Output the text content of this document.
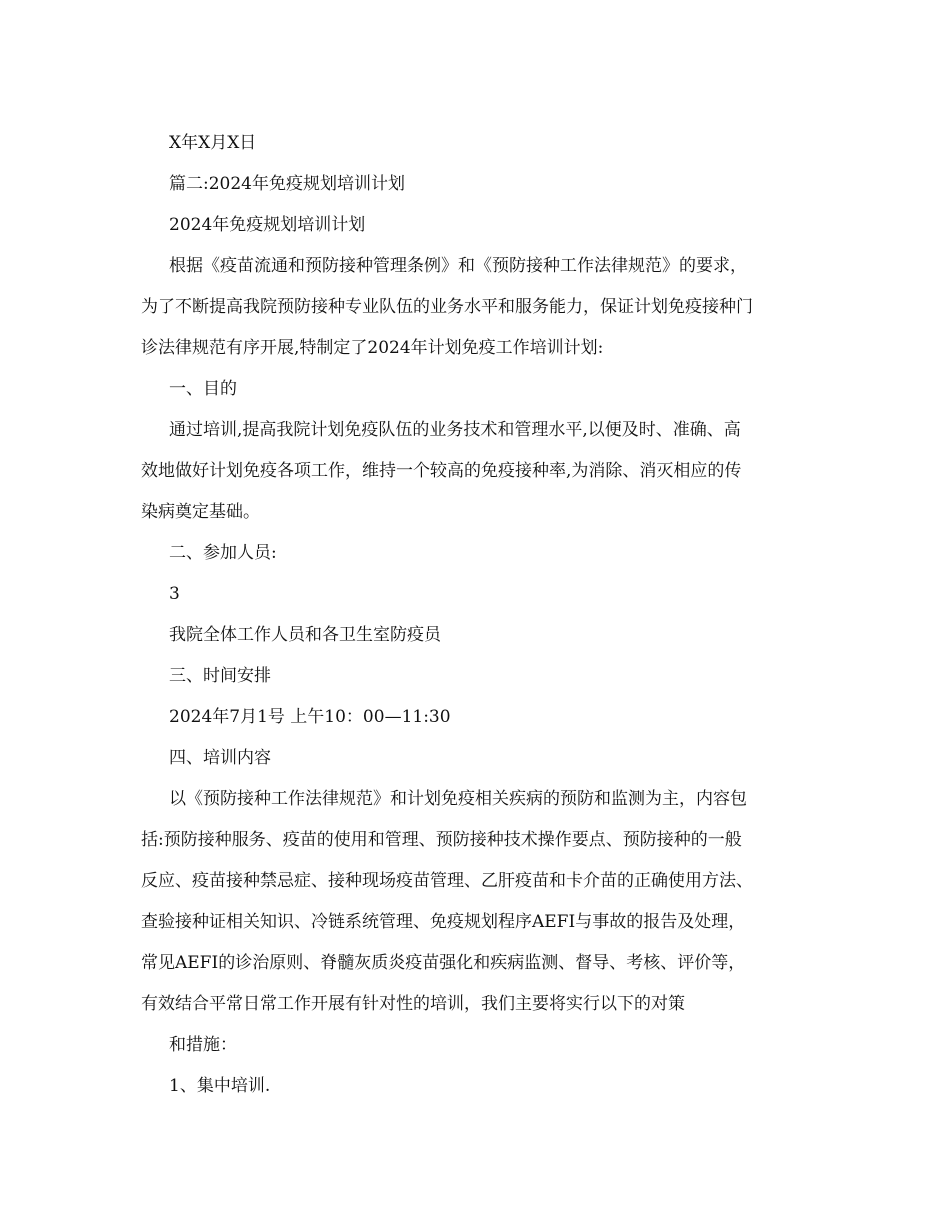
X年X月X日
篇二:2024年免疫规划培训计划
2024年免疫规划培训计划
根据《疫苗流通和预防接种管理条例》和《预防接种工作法律规范》的要求，
为了不断提高我院预防接种专业队伍的业务水平和服务能力，保证计划免疫接种门
诊法律规范有序开展,特制定了2024年计划免疫工作培训计划:
一、目的
通过培训,提高我院计划免疫队伍的业务技术和管理水平,以便及时、准确、高
效地做好计划免疫各项工作，维持一个较高的免疫接种率,为消除、消灭相应的传
染病奠定基础。
二、参加人员:
3
我院全体工作人员和各卫生室防疫员
三、时间安排
2024年7月1号 上午10：00—11:30
四、培训内容
以《预防接种工作法律规范》和计划免疫相关疾病的预防和监测为主，内容包
括:预防接种服务、疫苗的使用和管理、预防接种技术操作要点、预防接种的一般
反应、疫苗接种禁忌症、接种现场疫苗管理、乙肝疫苗和卡介苗的正确使用方法、
查验接种证相关知识、冷链系统管理、免疫规划程序AEFI与事故的报告及处理，
常见AEFI的诊治原则、脊髓灰质炎疫苗强化和疾病监测、督导、考核、评价等，
有效结合平常日常工作开展有针对性的培训，我们主要将实行以下的对策
和措施：
1、集中培训.
